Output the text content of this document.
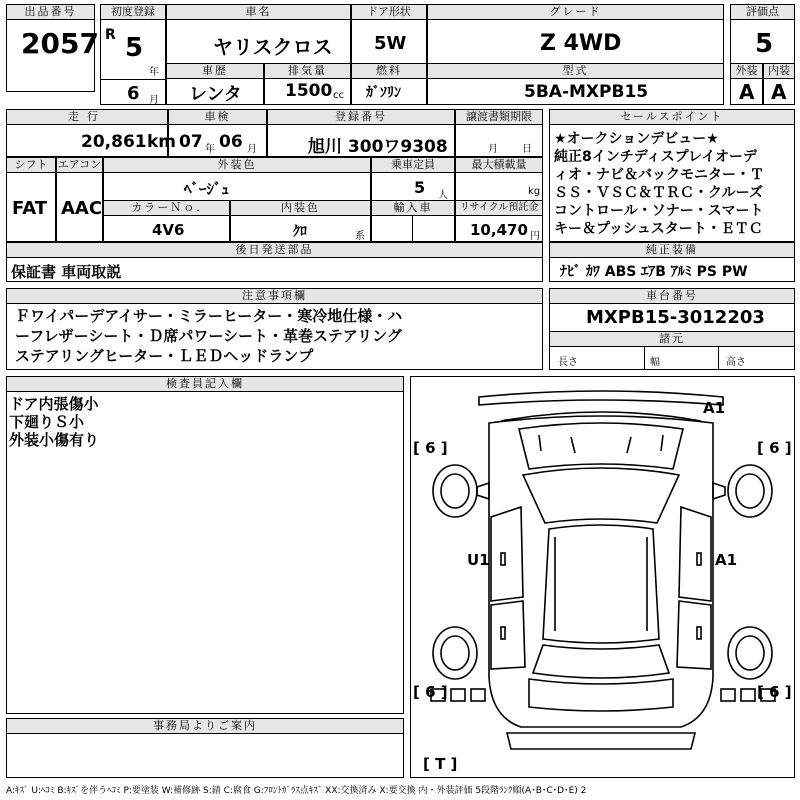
出品番号
2057
初度登録
R 5
年
6 月
車名
ヤリスクロス
ドア形状
5W
グレード
Z 4WD
評価点
5
車歴
レンタ
排気量
1500 cc
燃料
ｶﾞｿﾘﾝ
型式
5BA-MXPB15
外装
A
内装
A
走行
20,861 km
車検
07 年 06 月
登録番号
旭川 300ワ9308
譲渡書類期限
月 日
セールスポイント
★オークションデビュー★
純正8インチディスプレイオーデ
ィオ・ナビ＆バックモニター・Ｔ
ＳＳ・ＶＳＣ＆ＴＲＣ・クルーズ
コントロール・ソナー・スマート
キー＆プッシュスタート・ＥＴＣ
シフト
FAT
エアコン
AAC
外装色
ﾍﾞｰｼﾞｭ
乗車定員
5 人
最大積載量
kg
カラーＮｏ.
4V6
内装色
ｸﾛ	系
輸入車	リサイクル預託金
10,470 円
後日発送部品
保証書 車両取説
純正装備
ﾅﾋﾞ ｶﾜ ABS ｴｱB ｱﾙﾐ PS PW
注意事項欄
Ｆワイパーデアイサー・ミラーヒーター・寒冷地仕様・ハ
ーフレザーシート・Ｄ席パワーシート・革巻ステアリング
ステアリングヒーター・ＬＥＤヘッドランプ
車台番号
MXPB15-3012203
諸元
長さ	幅	高さ
検査員記入欄
ドア内張傷小
下廻りＳ小
外装小傷有り
事務局よりご案内
[ 6 ]	[ 6 ]
[ 6 ]	[ 6 ]
[ T ]
A1
U1	A1
A:ｷｽﾞ U:ﾍｺﾐ B:ｷｽﾞを伴うﾍｺﾐ P:要塗装 W:補修跡 S:錆 C:腐食 G:ﾌﾛﾝﾄｶﾞﾗｽ点ｷｽﾞ XX:交換済み X:要交換 内・外装評価 5段階ﾗﾝｸ順(A･B･C･D･E) 2
